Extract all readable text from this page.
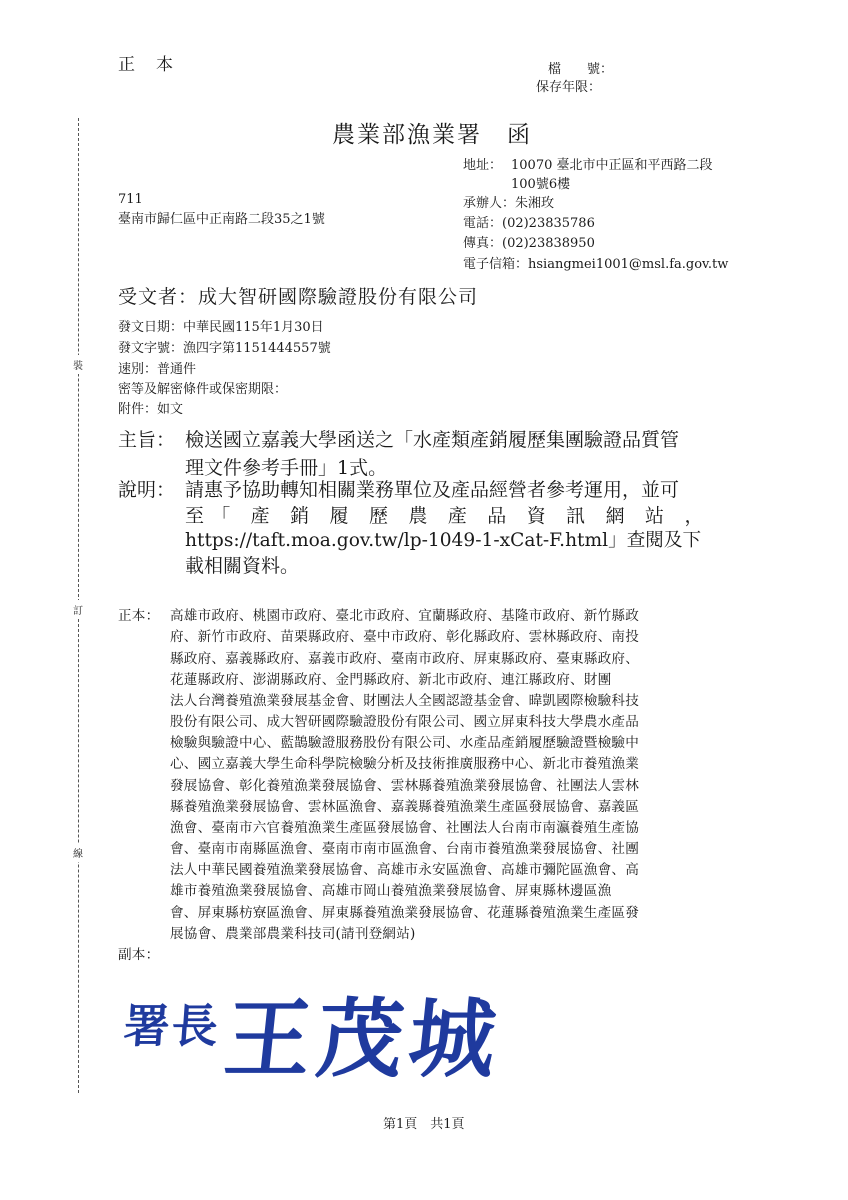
裝
訂
線
正　本	檔　　號：
保存年限：
農業部漁業署　函
地址： 10070 臺北市中正區和平西路二段
100號6樓
承辦人：朱湘玫
電話：(02)23835786
傳真：(02)23838950
電子信箱：hsiangmei1001@msl.fa.gov.tw
711
臺南市歸仁區中正南路二段35之1號
受文者：成大智研國際驗證股份有限公司
發文日期：中華民國115年1月30日
發文字號：漁四字第1151444557號
速別：普通件
密等及解密條件或保密期限：
附件：如文
主旨： 檢送國立嘉義大學函送之「水產類產銷履歷集團驗證品質管
理文件參考手冊」1式。
說明： 請惠予協助轉知相關業務單位及產品經營者參考運用，並可
至「 產 銷 履 歷 農 產 品 資 訊 網 站 ，
https://taft.moa.gov.tw/lp-1049-1-xCat-F.html」查閱及下
載相關資料。
正本： 高雄市政府、桃園市政府、臺北市政府、宜蘭縣政府、基隆市政府、新竹縣政
府、新竹市政府、苗栗縣政府、臺中市政府、彰化縣政府、雲林縣政府、南投
縣政府、嘉義縣政府、嘉義市政府、臺南市政府、屏東縣政府、臺東縣政府、
花蓮縣政府、澎湖縣政府、金門縣政府、新北市政府、連江縣政府、財團
法人台灣養殖漁業發展基金會、財團法人全國認證基金會、暐凱國際檢驗科技
股份有限公司、成大智研國際驗證股份有限公司、國立屏東科技大學農水產品
檢驗與驗證中心、藍鵲驗證服務股份有限公司、水產品產銷履歷驗證暨檢驗中
心、國立嘉義大學生命科學院檢驗分析及技術推廣服務中心、新北市養殖漁業
發展協會、彰化養殖漁業發展協會、雲林縣養殖漁業發展協會、社團法人雲林
縣養殖漁業發展協會、雲林區漁會、嘉義縣養殖漁業生產區發展協會、嘉義區
漁會、臺南市六官養殖漁業生產區發展協會、社團法人台南市南瀛養殖生產協
會、臺南市南縣區漁會、臺南市南市區漁會、台南市養殖漁業發展協會、社團
法人中華民國養殖漁業發展協會、高雄市永安區漁會、高雄市彌陀區漁會、高
雄市養殖漁業發展協會、高雄市岡山養殖漁業發展協會、屏東縣林邊區漁
會、屏東縣枋寮區漁會、屏東縣養殖漁業發展協會、花蓮縣養殖漁業生產區發
展協會、農業部農業科技司(請刊登網站)
副本：
署長
王茂城
第1頁　共1頁
